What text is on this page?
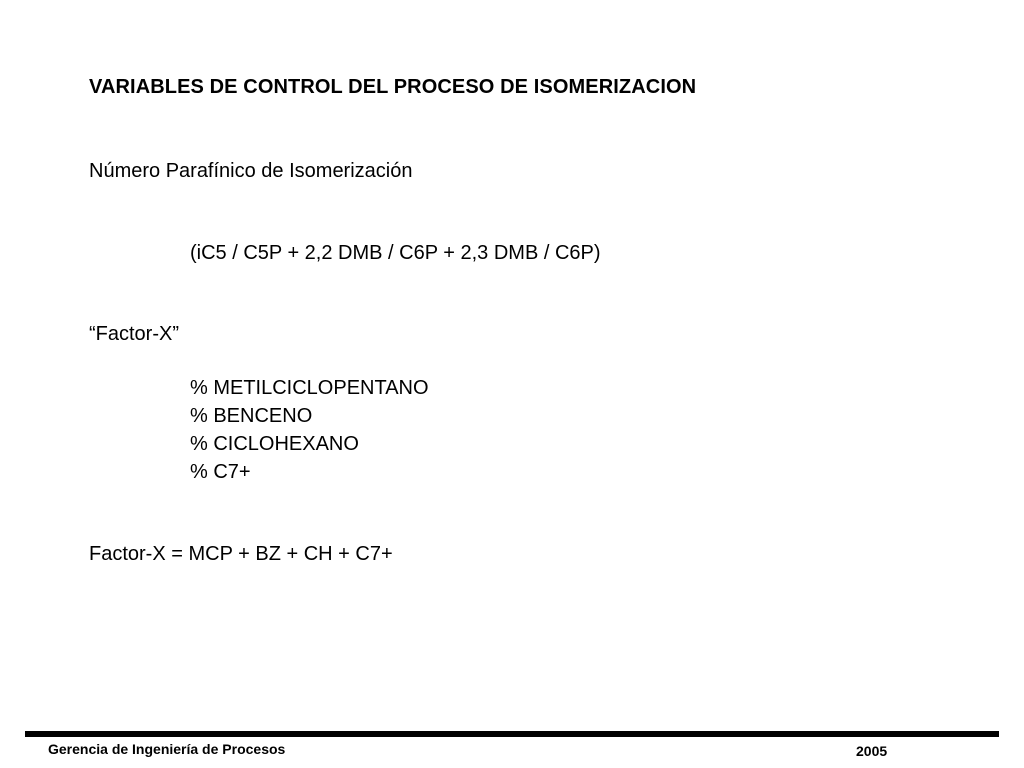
VARIABLES DE CONTROL DEL PROCESO DE ISOMERIZACION
Número Parafínico de Isomerización
(iC5 / C5P + 2,2 DMB / C6P + 2,3 DMB / C6P)
“Factor-X”
% METILCICLOPENTANO
% BENCENO
% CICLOHEXANO
% C7+
Factor-X = MCP + BZ + CH + C7+
Gerencia de Ingeniería de Procesos	2005
